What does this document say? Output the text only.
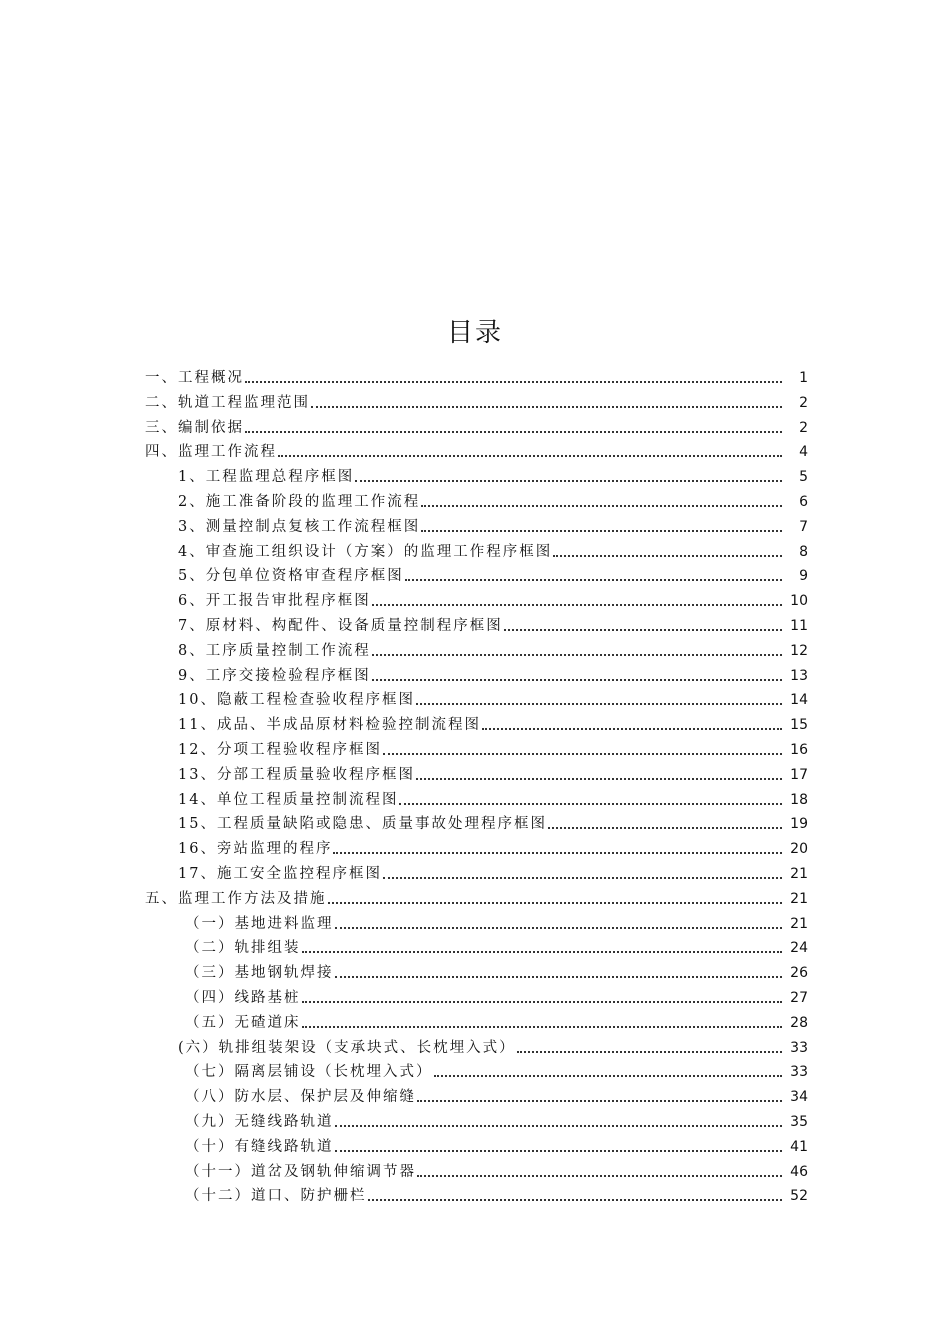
目录
一、工程概况	1
二、轨道工程监理范围	2
三、编制依据	2
四、监理工作流程	4
1、工程监理总程序框图	5
2、施工准备阶段的监理工作流程	6
3、测量控制点复核工作流程框图	7
4、审查施工组织设计（方案）的监理工作程序框图	8
5、分包单位资格审查程序框图	9
6、开工报告审批程序框图	10
7、原材料、构配件、设备质量控制程序框图	11
8、工序质量控制工作流程	12
9、工序交接检验程序框图	13
10、隐蔽工程检查验收程序框图	14
11、成品、半成品原材料检验控制流程图	15
12、分项工程验收程序框图	16
13、分部工程质量验收程序框图	17
14、单位工程质量控制流程图	18
15、工程质量缺陷或隐患、质量事故处理程序框图	19
16、旁站监理的程序	20
17、施工安全监控程序框图	21
五、监理工作方法及措施	21
（一）基地进料监理	21
（二）轨排组装	24
（三）基地钢轨焊接	26
（四）线路基桩	27
（五）无碴道床	28
(六）轨排组装架设（支承块式、长枕埋入式）	33
（七）隔离层铺设（长枕埋入式）	33
（八）防水层、保护层及伸缩缝	34
（九）无缝线路轨道	35
（十）有缝线路轨道	41
（十一）道岔及钢轨伸缩调节器	46
（十二）道口、防护栅栏	52
